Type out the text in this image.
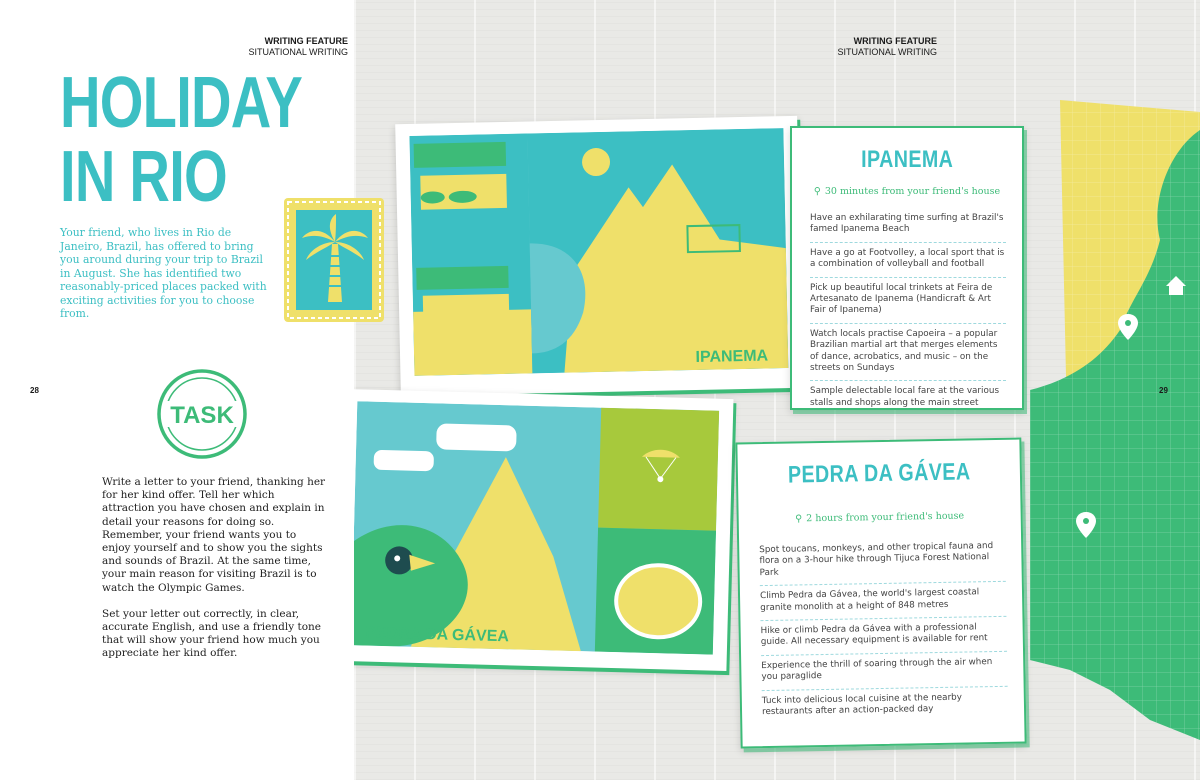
WRITING FEATURE
SITUATIONAL WRITING
HOLIDAY
IN RIO

Your friend, who lives in Rio de Janeiro, Brazil, has offered to bring you around during your trip to Brazil in August. She has identified two reasonably-priced places packed with exciting activities for you to choose from.

28
TASK

Write a letter to your friend, thanking her for her kind offer. Tell her which attraction you have chosen and explain in detail your reasons for doing so. Remember, your friend wants you to enjoy yourself and to show you the sights and sounds of Brazil. At the same time, your main reason for visiting Brazil is to watch the Olympic Games.

Set your letter out correctly, in clear, accurate English, and use a friendly tone that will show your friend how much you appreciate her kind offer.

WRITING FEATURE
SITUATIONAL WRITING
29
IPANEMA
IPANEMA
⚲ 30 minutes from your friend's house
Have an exhilarating time surfing at Brazil's famed Ipanema Beach
Have a go at Footvolley, a local sport that is a combination of volleyball and football
Pick up beautiful local trinkets at Feira de Artesanato de Ipanema (Handicraft & Art Fair of Ipanema)
Watch locals practise Capoeira – a popular Brazilian martial art that merges elements of dance, acrobatics, and music – on the streets on Sundays
Sample delectable local fare at the various stalls and shops along the main street
PEDRA DA GÁVEA
PEDRA DA GÁVEA
⚲ 2 hours from your friend's house
Spot toucans, monkeys, and other tropical fauna and flora on a 3-hour hike through Tijuca Forest National Park
Climb Pedra da Gávea, the world's largest coastal granite monolith at a height of 848 metres
Hike or climb Pedra da Gávea with a professional guide. All necessary equipment is available for rent
Experience the thrill of soaring through the air when you paraglide
Tuck into delicious local cuisine at the nearby restaurants after an action-packed day
